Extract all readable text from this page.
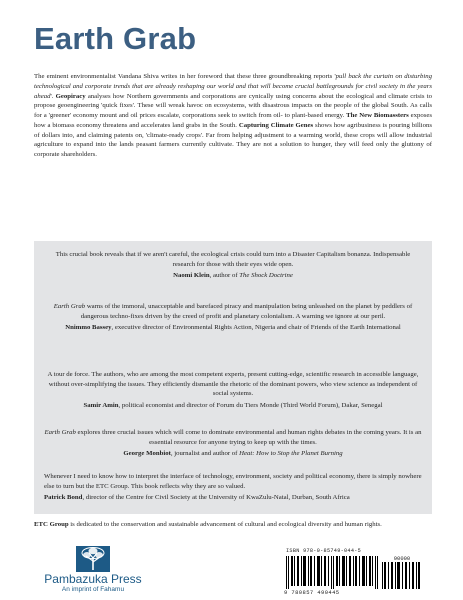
Earth Grab

The eminent environmentalist Vandana Shiva writes in her foreword that these three groundbreaking reports 'pull back the curtain on disturbing technological and corporate trends that are already reshaping our world and that will become crucial battlegrounds for civil society in the years ahead'. Geopiracy analyses how Northern governments and corporations are cynically using concerns about the ecological and climate crisis to propose geoengineering 'quick fixes'. These will wreak havoc on ecosystems, with disastrous impacts on the people of the global South. As calls for a 'greener' economy mount and oil prices escalate, corporations seek to switch from oil- to plant-based energy. The New Biomassters exposes how a biomass economy threatens and accelerates land grabs in the South. Capturing Climate Genes shows how agribusiness is pouring billions of dollars into, and claiming patents on, 'climate-ready crops'. Far from helping adjustment to a warming world, these crops will allow industrial agriculture to expand into the lands peasant farmers currently cultivate. They are not a solution to hunger, they will feed only the gluttony of corporate shareholders.

This crucial book reveals that if we aren't careful, the ecological crisis could turn into a Disaster Capitalism bonanza. Indispensable research for those with their eyes wide open.
Naomi Klein, author of The Shock Doctrine

Earth Grab warns of the immoral, unacceptable and barefaced piracy and manipulation being unleashed on the planet by peddlers of dangerous techno-fixes driven by the creed of profit and planetary colonialism. A warning we ignore at our peril.
Nnimmo Bassey, executive director of Environmental Rights Action, Nigeria and chair of Friends of the Earth International

A tour de force. The authors, who are among the most competent experts, present cutting-edge, scientific research in accessible language, without over-simplifying the issues. They efficiently dismantle the rhetoric of the dominant powers, who view science as independent of social systems.
Samir Amin, political economist and director of Forum du Tiers Monde (Third World Forum), Dakar, Senegal

Earth Grab explores three crucial issues which will come to dominate environmental and human rights debates in the coming years. It is an essential resource for anyone trying to keep up with the times.
George Monbiot, journalist and author of Heat: How to Stop the Planet Burning

Whenever I need to know how to interpret the interface of technology, environment, society and political economy, there is simply nowhere else to turn but the ETC Group. This book reflects why they are so valued.
Patrick Bond, director of the Centre for Civil Society at the University of KwaZulu-Natal, Durban, South Africa

ETC Group is dedicated to the conservation and sustainable advancement of cultural and ecological diversity and human rights.

Pambazuka Press
An imprint of Fahamu
ISBN 978-0-85749-044-5
90000
9 780857 490445
